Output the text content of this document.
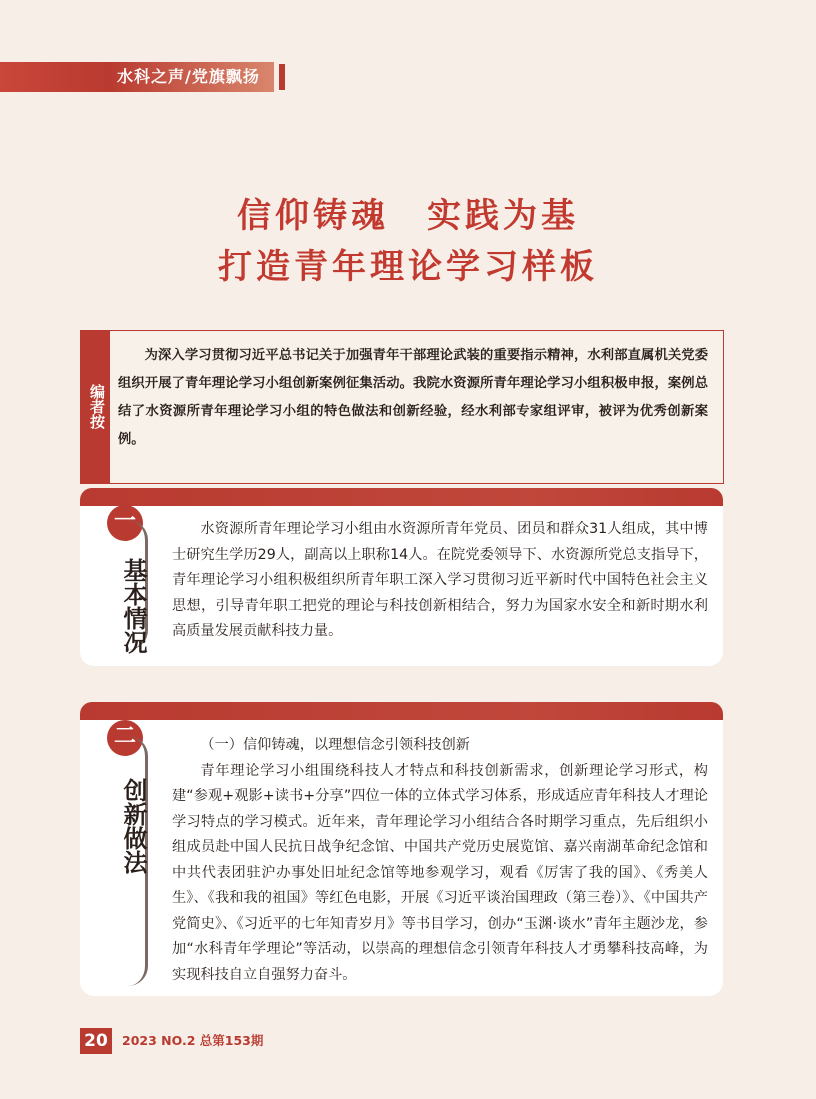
水科之声/党旗飘扬
信仰铸魂　实践为基
打造青年理论学习样板
编者按
为深入学习贯彻习近平总书记关于加强青年干部理论武装的重要指示精神，水利部直属机关党委组织开展了青年理论学习小组创新案例征集活动。我院水资源所青年理论学习小组积极申报，案例总结了水资源所青年理论学习小组的特色做法和创新经验，经水利部专家组评审，被评为优秀创新案例。
一
基本情况

水资源所青年理论学习小组由水资源所青年党员、团员和群众31人组成，其中博士研究生学历29人，副高以上职称14人。在院党委领导下、水资源所党总支指导下，青年理论学习小组积极组织所青年职工深入学习贯彻习近平新时代中国特色社会主义思想，引导青年职工把党的理论与科技创新相结合，努力为国家水安全和新时期水利高质量发展贡献科技力量。

二
创新做法

（一）信仰铸魂，以理想信念引领科技创新

青年理论学习小组围绕科技人才特点和科技创新需求，创新理论学习形式，构建“参观+观影+读书+分享”四位一体的立体式学习体系，形成适应青年科技人才理论学习特点的学习模式。近年来，青年理论学习小组结合各时期学习重点，先后组织小组成员赴中国人民抗日战争纪念馆、中国共产党历史展览馆、嘉兴南湖革命纪念馆和中共代表团驻沪办事处旧址纪念馆等地参观学习，观看《厉害了我的国》、《秀美人生》、《我和我的祖国》等红色电影，开展《习近平谈治国理政（第三卷）》、《中国共产党简史》、《习近平的七年知青岁月》等书目学习，创办“玉渊·谈水”青年主题沙龙，参加“水科青年学理论”等活动，以崇高的理想信念引领青年科技人才勇攀科技高峰，为实现科技自立自强努力奋斗。

20	2023 NO.2 总第153期
